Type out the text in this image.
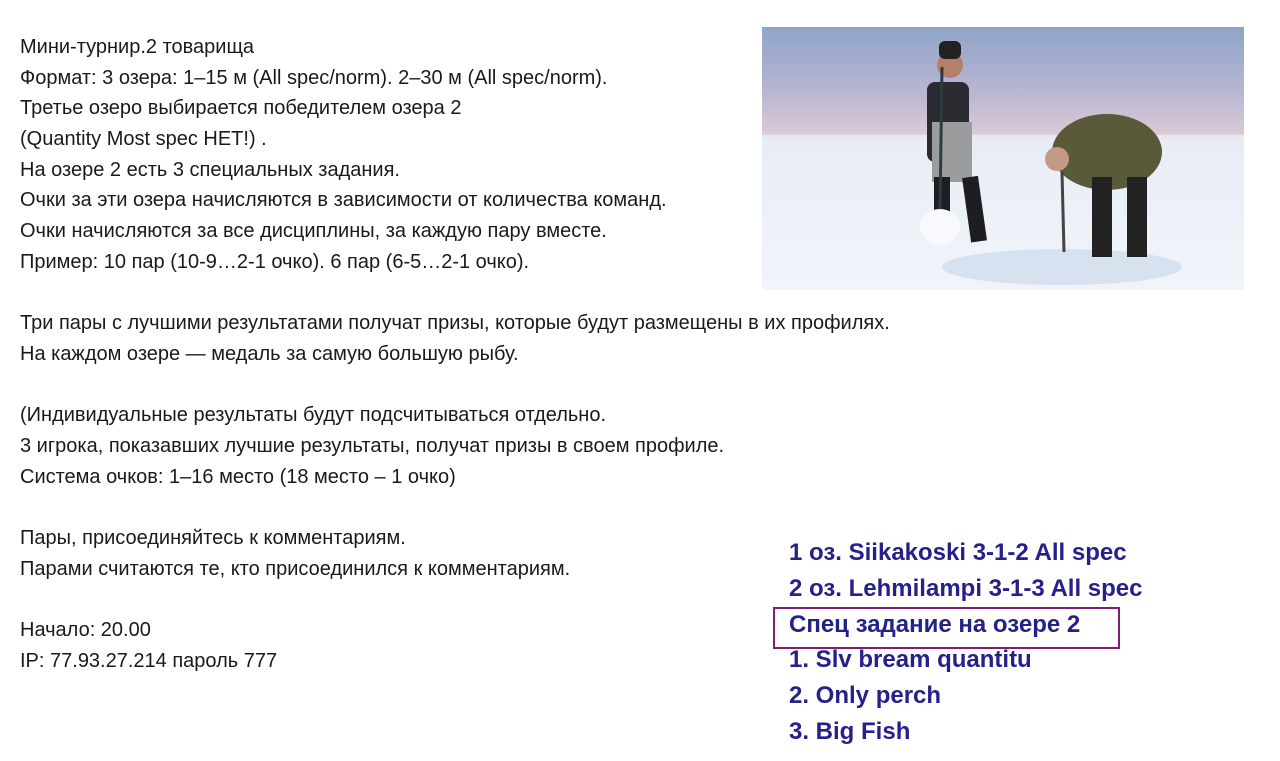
Мини-турнир.2 товарища
Формат: 3 озера: 1–15 м (All spec/norm). 2–30 м (All spec/norm).
Третье озеро выбирается победителем озера 2
(Quantity Most spec НЕТ!) .
На озере 2 есть 3 специальных задания.
Очки за эти озера начисляются в зависимости от количества команд.
Очки начисляются за все дисциплины, за каждую пару вместе.
Пример: 10 пар (10-9…2-1 очко). 6 пар (6-5…2-1 очко).
Три пары с лучшими результатами получат призы, которые будут размещены в их профилях.
На каждом озере — медаль за самую большую рыбу.
(Индивидуальные результаты будут подсчитываться отдельно.
3 игрока, показавших лучшие результаты, получат призы в своем профиле.
Система очков: 1–16 место (18 место – 1 очко)
Пары, присоединяйтесь к комментариям.
Парами считаются те, кто присоединился к комментариям.
Начало: 20.00
IP: 77.93.27.214 пароль 777
1 оз. Siikakoski 3-1-2 All spec
2 оз. Lehmilampi 3-1-3 All spec
Спец задание на озере 2
1. Slv bream quantitu
2. Only perch
3. Big Fish
